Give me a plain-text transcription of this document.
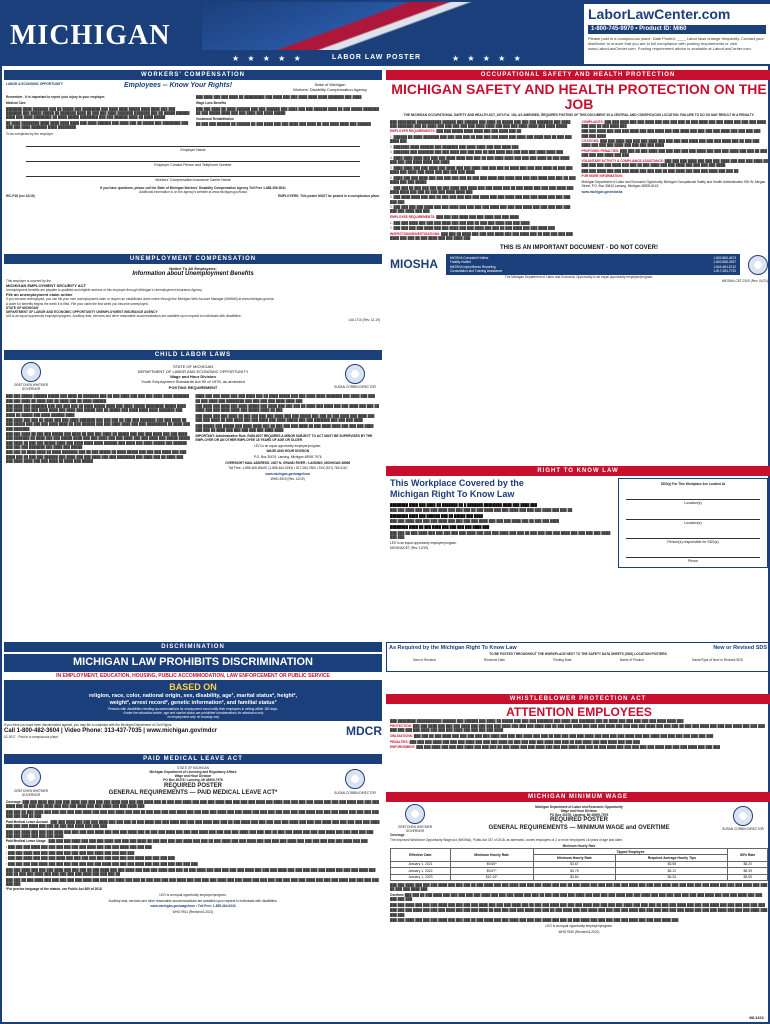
MICHIGAN
★ ★ ★ ★ ★	LABOR LAW POSTER	★ ★ ★ ★ ★
LaborLawCenter.com
1-800-745-9970 • Product ID: MI60
Please post in a conspicuous place. Date Posted: ____ Labor laws change frequently. Contact your distributor to ensure that you are in full compliance with posting requirements or visit www.LaborLawCenter.com. Posting requirement advice is available at LaborLawCenter.com.
WORKERS' COMPENSATION
LABOR & ECONOMIC OPPORTUNITY	Employees -- Know Your Rights!	State of Michigan
Workers' Disability Compensation Agency

Remember - It is important to report your injury to your employer.

Medical Care

███████ ████ ███████ ███ ██ █████ ███ ████████ ███ ████ ████ █████ ████ ████ ███ ███ ███████ ███ █████ █████ ██ ███████ ████ ██ ███ ███ ████ ███████ ███████ ███ ██ █████ ██████ ████ ███ ████ ████████ ██ ████ █████ ████████ ███ ███ ██████ ████ ██ ████ █████

██ ████ ████████ ████ ████ ████ ████ ███ ████ ██████ ███ ████ ███ ██ █████ ███ ████████ ███ ███ ███ ████ ███████ ████ ████████

███ ████ ███ ███ ████ ██ █████████ ███ ████ ███ ███ ████ ████ ████ ███████ ███ ████

Wage Loss Benefits

███ ███ ████ ██ ████ ██████ ███ ███ ██████ ███ ████ ███ ███ ██████ ████ ██ ███ █████ ███████ ██ ███ █████ ████ ███ ███ ████ ███ ████ █████

Vocational Rehabilitation

██ ███ ███ ██████ ██ ██████ ██ ███ ████ ███ ███ ████ ███ ████ ██ ███ ████ ████ ███ ██████

To be completed by the employer
Employer Name
Employer Contact Person and Telephone Number
Workers' Compensation Insurance Carrier Name
If you have questions, please call the State of Michigan Workers' Disability Compensation Agency Toll Free 1-888-396-5041
Additional information is on the agency's website at www.michigan.gov/wdca
WC-P18 (rev 12/19)	EMPLOYERS: This poster MUST be posted in a conspicuous place.
UNEMPLOYMENT COMPENSATION
Notice To All Employees:
Information about Unemployment Benefits
This employer is covered by the
MICHIGAN EMPLOYMENT SECURITY ACT
Unemployment benefits are payable to qualified and eligible workers of this employer through Michigan's Unemployment Insurance Agency.
File an unemployment claim online
If you become unemployed, you can file your own unemployment claim or reopen an established claim online through the Michigan Web Account Manager (MiWAM) at www.michigan.gov/uia.
A claim for benefits begins the week it is filed. File your claim the first week you become unemployed.
STATE OF MICHIGAN
DEPARTMENT OF LABOR AND ECONOMIC OPPORTUNITY UNEMPLOYMENT INSURANCE AGENCY
UIA is an equal opportunity employer/program. Auxiliary aids, services and other reasonable accommodations are available upon request to individuals with disabilities.
UIA 1710 (Rev. 12-19)
CHILD LABOR LAWS
GRETCHEN WHITMER GOVERNOR
STATE OF MICHIGAN
DEPARTMENT OF LABOR AND ECONOMIC OPPORTUNITY
Wage and Hour Division
Youth Employment Standards Act 90 of 1978, as amended
POSTING REQUIREMENT	SUSAN CORBIN DIRECTOR

███ ███ █████ ██████ █████ ███ ████ ██ ███████ ███ ██ ███ ████ ███ ███ ███ ████ ████ ███████ ███ ███ ████ ██ ████ ███ ██ ████ ███ ██ ████ ██████

███ ████ ███ ███████ ███ ███ ███ ███ ██ ████ █████ ████ ███ ████ █████ ████████ █████ ████ ███ ████ ███ ███ ████ ████ ███ ████ ███ █████ ███ ██ █████ ███ ████ ████ ████ ███████ ███ ████ ██ █████ ███ ████ ██████ ████

███ ████ ███ ███ ██ ████ ███ ███ ████ ███████ ███ ███ ███ ██ ███ ███ ███████ ███ ███ ████ ██ ███ █████ ███ ███ ███ ████ ████ ██ ███ ██████ ███ ███ ████ ████ ███ ███ █████████ ██ ████ ███ ███ ███████

███ ███ ████ ██ ███ ███ █████ ███ ████ ██ ███ ███ ████ ██ █████ ███ ███ ███ ████ ███ ███ ████ ███ ███████ ██ ████ ███ ███ █████ ████ ███ ███ ████ ███ ███ ████ ███ ███ ████ ███ █████ █████ ███ ████ ██ ███ ███ █████ ████ ███ ████ ████ ████ ██████ ███ ████ ███ ████ █████ ███ ██████ ███ ███ ███ ███████ ███ ████ ███ █████

███ ███ ██ ████ ████ ██ ████ ███████ ███ ██ ███ █████ ██ ████ █████ ███ ███ ███ ████ ███ ███ ████ ███ ██ ███ ███ ██████ ███ ████ ███ ███ ████ ███ ███ ████████ ███ ████ ███ ██ ████ ███ ███ ████ ████ ███ ███ ████ ██ ████ ███ █████

████ ███ ███ ████ ███ ███ ████ ███ ██ ████ █████ ███ ███ ████ ████ ███████ ███ ████ ███ ███ ██ ███ ████ ███ ████████ ███ ███ ███ ███ ████ ████ ███

███ ████ ███ ████ ███ ████ █████ ███ ████ ███ ███ ███ ██ ████ ███ ████ ███ ███ ████ ███ ███ ██ ████ ███ ███ ████ ████ ███ █████ ████ ██ ███

███ ████ ███ ███ ████ ██ ███ ███ ███ ███ ████ ███ ███ █████ ███ ███ ██ ███ ████ ███ ████ ███ ███ ███ ████ ██ ███ ████ ███ ███ ████ ███ ████ █████ ███ ███ ███████ ███ ███ ███ ████

███ █████ ███ █████ ███ ████ ████ ███ ██ ███ ███ ███ ████ ██ ███ ████ ████ ███ ███ ███ ████ ███ ███ ██ ████ ███ ███ ███ ███ ███ ████ ████

IMPORTANT: Administrative Rule, R408.6207 REQUIRES A MINOR SUBJECT TO ACT MUST BE SUPERVISED BY THE EMPLOYER OR AN OTHER EMPLOYEE 18 YEARS OF AGE OR OLDER

LEO is an equal opportunity employer/program.

WAGE AND HOUR DIVISION

P.O. Box 30476, Lansing, Michigan 48909-7976

OVERSIGHT MAIL ADDRESS: 2407 N. GRAND RIVER • LANSING, MICHIGAN 48906

Toll Free: 1-855-4MI-WAGE (1-855-464-9243) • 517-284-7800 • FAX (517) 763-0110

www.michigan.gov/wagehour

WHD-4919 (Rev. 12/19)

OCCUPATIONAL SAFETY AND HEALTH PROTECTION
MICHIGAN SAFETY AND HEALTH PROTECTION ON THE JOB
THE MICHIGAN OCCUPATIONAL SAFETY AND HEALTH ACT, 1974 P.A. 154, AS AMENDED, REQUIRES POSTING OF THIS DOCUMENT IN A CENTRAL AND CONSPICUOUS LOCATION. FAILURE TO DO SO MAY RESULT IN A PENALTY.

███ ████████ ███████████ ██████ ███ ██████ ███ ████ ██ █████ ███ ███ ███ ███████ ███ ████ ███ ███████ ███ ██ ████ ███ ███ ███ ███ ███ ████ ████ ███ ███ ███ ████ ████ ███ ████ █████

EMPLOYER REQUIREMENTS: ███ ███ █████ ████ ████ ███ ███ ████ ███ ██

1. ██████ ██ ████ ███████ ███ ███ ███ ███ ██ ███ ███ ███ ████ ███ ████ ███ ████ ███ ██ ███ ███ ████ ███

2. ███████ ████ ██████ ███ ███████ ███ ████ ████ ███ ███ ████ ███

3. ███████ ███ ███████ ███ ███ ████ ███ ███ ███ ██ ███ ████ ███ ███ ███ ███ ████ ████ ███

4. ████ ████ ████ ███ ███ ███ ████ ████ ███ ███ ██ ███ ████ ████ ███ ███ ███ ████ ██ ███ ████ ███ ███ ███ ████ ████ ███ ████

5. ████ ████ ███ ███ ████ ███ ████ ███ ███ ████ ███ ███ ███ ██ ████ ███ ███ ███ ████ ██ ███ ███ ████ ███ ████ ███ ████ ███ ███ ███ ███ ████

6. ████ ███ ███ ████ ███ ███ ███ ███ ███ ██ ███ ███ ████ ███ ████ ███ ███ ███ ████ ███ ███ ██ ███ ████ ███ ███ █████

7. ███ ███ ██ ███ ███ ███ ██ ███ ████ ███ ████ ███ ███ ████ ███ ██ ███ ████ ███ ███ ███ ████ ███ ████ ████ ███ ███ ██ ███ ███ ████ ████ ███

8. ███ ████ ████ ███ ███ ██ ███ ███ ███ ███ ███ ████ ███ ███ ████ ███ ███ ███ ████ ███ ███ ███ ███ ███

9. ███ ███ ███ ███ ████ ███ ███ ████ ███ ███ ███ ███ ████ ███ ███ ███ ████ ███ ███ ███ ███ ███ ███ ███ ████ ███ ███

EMPLOYEE REQUIREMENTS: ███ ███ ███ ████ ███ ███ ████ ███ ███ ████

1. ███ ███ ████ ███ ███ ███ ████ ███ ███ ███ ██ ███ ███ ████ ███ ███ ████

2. ███ ███ ███ ███ ████ ███ ███ ████ ███ ███ ████ ███ ███ ██ ███ ████ ███ ███ ████ ███

INSPECTIONS/INVESTIGATIONS: ███ ███ ██ ████ ███ ███ ███ ████ ███ ███ ████ ███ ██ ███ ███ ███ ███ ████ ███ ███ ██ ███ ████ ███ ███ ████ ███

COMPLAINTS: ███ ███ ████ ███ ███ ████ ███ ███ ███ ███ ██ ███ ████ ███ ███ ████ ███ ███ ███ ████ ███ ███ ██ ███ ████ ███

███ ███ ████ ███ ███ ███ ████ ███ ███ ████ ███ ███ ████ ███ ███ ███ ███ ████ ███ ███ ███ ███ ███ ███ ████

CITATIONS: ███ ███ ████ ███ ███ ███ ████ ███ ███ ███ ███ ████ ███ ███ ███ ████ ███ ██ ███ ███ ████ ███ ███ ███ ████ ███ ███ ███ ███ ████

PROPOSED PENALTIES: ███ ███ ██ ███ ████ ███ ███ ███ ███ ███ ████ ███ ███ ███ ████ ███ ███ ██ ███ ███ ███ ███ ████ ███ ███

VOLUNTARY ACTIVITY & COMPLIANCE ASSISTANCE: ███ ███ ███ ████ ███ ███ ███ ████ ███ ███ ███ ████ ██ ███ ███ ███ ███ ████ ███ ███ ██ ███ ████ ███ ███ ████ ███ ███ ███ ███ ████

███ ███ ████ ███ ███ ███ ████ ███ ███ ███ ██ ███ ████ ███ ███ ███ ████ ███ ███ ██

FOR MORE INFORMATION:

Michigan Department of Labor and Economic Opportunity Michigan Occupational Safety and Health Administration 530 W. Allegan Street, P.O. Box 30643 Lansing, Michigan 48909-8143

www.michigan.gov/miosha

THIS IS AN IMPORTANT DOCUMENT - DO NOT COVER!
MIOSHA	MIOSHA Complaint Hotline	1-800-866-4674
Fatality Hotline	1-800-858-0397
MIOSHA Injury/Illness Reporting	1-844-464-6742
Consultation and Training Assistance	1-517-284-7720
The Michigan Department of Labor and Economic Opportunity is an equal opportunity employer/program.
MIOSHA-CET-2100 (Rev. 01/21)
RIGHT TO KNOW LAW
This Workplace Covered by the
Michigan Right To Know Law

████████ ████ ███ ████ ██ ███████ ██ █ ███████ ████████ ████ ███ ████ ███

███ ███ ████ ███ ███ ███ ████ ███ ███ ███ ██ ███ ████ ███ ███ ████ ███ ███ ███ ████ ███ ███ ██

████████ ████ ███ ██████ ███ ██ █████ ███ ████

███ ███ ████ ███ ███ ███ ████ ███ ███ ███ ███ ████ ███ ███ ███ ████ ███ ██ ███ ███ ████

████████ ████ ██ ███ ████ ███ ███ ███ ███ ████ ███

███ ███ ██ ███ ████ ███ ███ ███ ███ ███ ████ ███ ███ ███ ████ ███ ███ ██ ███ ███ ███ ███ ████ ███ ███ ███ ███ ████ ███ ███

LEO is an equal opportunity employer/program.

MIOSHA/CET (Rev. 12/19)

SDS(s) For This Workplace Are Located At
Location(s)
Location(s)
Person(s) responsible for SDS(s)
Phone
As Required by the Michigan Right To Know Law	New or Revised SDS
TO BE POSTED THROUGHOUT THE WORKPLACE NEXT TO THE SAFETY DATA SHEETS (SDS) LOCATION POSTERS
New or Revised	Received Date	Posting Date	Name of Product	Name/Type of New or Revised SDS
DISCRIMINATION
MICHIGAN LAW PROHIBITS DISCRIMINATION
IN EMPLOYMENT, EDUCATION, HOUSING, PUBLIC ACCOMMODATION, LAW ENFORCEMENT OR PUBLIC SERVICE
BASED ON
religion, race, color, national origin, sex, disability, age¹, marital status², height²,
weight², arrest record², genetic information², and familial status³
Persons with disabilities needing accommodations for employment must notify their employers in writing within 182 days.
¹Under the education article, age and marital status are prohibited considerations for admission only
²In employment only ³In housing only
If you think you have been discriminated against, you may file a complaint with the Michigan Department of Civil Rights.
Call 1-800-482-3604 | Video Phone: 313-437-7035 | www.michigan.gov/mdcr
02-2017 Post in a conspicuous place.	MDCR
PAID MEDICAL LEAVE ACT
GRETCHEN WHITMER GOVERNOR
STATE OF MICHIGAN
Michigan Department of Licensing and Regulatory Affairs
Wage and Hour Division
PO Box 30476 • Lansing, MI 48909-7976
REQUIRED POSTER
GENERAL REQUIREMENTS — PAID MEDICAL LEAVE ACT*	SUSAN CORBIN DIRECTOR

Coverage: ███ ███ ████ ███ ███ ███ ████ ███ ███ ███ ███ ████ ███ ███ ███ ████ ███ ██ ███ ███ ████ ███ ███ ███ ████ ███ ███ ███ ███ ████ ███ ████ ███ ███ ███ ███ ████ ███ ███ ███ ████ ███ ███ ███ ████ ███ ██ ███ ███ ████ ███ ███ ███ ████ ███ ███ ████ ███ ███ ████ ███

███ ███ ██ ███ ████ ███ ███ ███ ███ ███ ████ ███ ███ ███ ████ ███ ███ ██ ███ ███ ███ ███ ████ ███ ███ ███ ███ ████ ███ ███ ████ ███ ███ ███ ███ ███ ███ ███ ████ ███ ███ ███ ████ ███ ███ ███ ███ ███ ███ ███ ██ ███

Paid Medical Leave Accrual - ███ ███ ████ ███ ███ ███ ████ ███ ███ ███ ██ ███ ████ ███ ███ ████ ███ ███ ███ ████ ███ ███ ██ ███ ████ ███ ███ ███ ███ ███ ████ ███ ███ ███ ████ ███ ███ ███ ███ ███ ████ ███ ███ ███ ████ ███ ███ ██ ███ ███ ████ ███ ███ ███

███ ███ ████ ███ ███ ███ ████ ███ ███ ███ ███ ████ ███ ███ ███ ████ ███ ██ ███ ███ ████ ███ ███ ███ ████ ███ ███ ███ ███ ████ ███ ███ ███ ██ ███ ███ ████ ███ ███ ███ ████ ███ ███ ███ ███ ███ ███ ███ ████ ███ ███ ███ ████

Paid Medical Leave Usage - ███ ███ ███ ████ ███ ███ ███ ████ ███ ███ ███ ████ ██ ███ ███ ███ ███ ████ ███ ███ ██ ███ ████ ███ ███ ████ ███ ███ ███ ███ ████ ███ ███ ███ ███ ███ ███ ████ ███ ███

• ███ ███ ███ ████ ███ ███ ███ ███ ███ ███ ████ ███ ███ ███ ████ ███ ███ ███

• ███ ███ ████ ███ ███ ███ ███ ███ ███ ███ ███ ████ ███ ███ ███ ███

• ███ ███ ████ ███ ███ ███ ████ ███ ███ ███ ███ ███ ███ ███ ███ ███ ████ ███ ███ ███ ███

• ███ ███ ███ ███ ████ ███ ███ ███ ███ ███ ███ ███ ████ ███ ███ ███ ████ ███ ███ ███ ███ ███ ███ ███

███ ███ ████ ███ ███ ███ ████ ███ ███ ███ ██ ███ ████ ███ ███ ████ ███ ███ ███ ████ ███ ███ ██ ███ ████ ███ ███ ███ ███ ███ ████ ███ ███ ███ ████ ███ ███ ███ ███ ███ ████ ███ ███ ███ ████ ███ ███ ██ ███ ███ ████ ███ ███ ███ ███ ███ ████ ███ ███ ███ ██

███ ███ ██ ███ ████ ███ ███ ███ ███ ███ ████ ███ ███ ███ ████ ███ ███ ██ ███ ███ ███ ███ ████ ███ ███ ███ ███ ████ ███ ███ ████ ███ ███ ███ ███ ███ ███ ███ ████ ███ ███ ███ ████ ███ ███ ███ ███ ███ ███

*For precise language of the statute, see Public Act 369 of 2018

LEO is an equal opportunity employer/program.

Auxiliary aids, services and other reasonable accommodations are available upon request to individuals with disabilities.

www.michigan.gov/wagehour • Toll Free: 1-855-464-9243

WHD 9911 (Revised 6-2021)

WHISTLEBLOWER PROTECTION ACT
ATTENTION EMPLOYEES

███ ████████ ███████████ ██████ ███ ██████ ███ ████ ██ █████ ███ ███ ███ ███████ ███ ████ ███ ███████ ███ ██ ████ ███ ███ ███ ███ ███ ████ ████ ███

PROTECTION: ███ ███ ████ ███ ███ ███ ████ ███ ███ ███ ███ ████ ███ ███ ███ ████ ███ ██ ███ ███ ████ ███ ███ ███ ████ ███ ███ ███ ███ ████ ███ ███ ███ ██ ███ ███ ████ ███ ███ ███ ████ ███ ███ ███ ███ ███ ███ ███ ████ ███ ███ ███ ████ ███ ███ ███ ███ ████

OBLIGATIONS: ███ ███ ██ ███ ████ ███ ███ ███ ███ ███ ████ ███ ███ ███ ████ ███ ███ ██ ███ ███ ███ ███ ████ ███ ███ ███ ███ ████ ███ ███ ████ ███ ███ ███ ███ ███ ███ ███

PENALTIES: ███ ███ ███ ████ ███ ███ ███ ████ ███ ███ ███ ████ ██ ███ ███ ███ ███ ████ ███ ███ ██ ███ ████ ███ ███ ████ ███ ███ ███

ENFORCEMENT: ███ ███ ████ ███ ███ ███ ████ ███ ███ ███ ██ ███ ████ ███ ███ ████ ███ ███ ███ ████ ███ ███ ██ ███ ████ ███ ███ ███ ███ ███ ████ ███ ███ ███ ████ ███ ███ ███

MICHIGAN MINIMUM WAGE
GRETCHEN WHITMER GOVERNOR
Michigan Department of Labor and Economic Opportunity
Wage and Hour Division
PO Box 30476, Lansing, MI 48909-7976
REQUIRED POSTER
GENERAL REQUIREMENTS — MINIMUM WAGE and OVERTIME	SUSAN CORBIN DIRECTOR
Coverage
The Improved Workforce Opportunity Wage Act (IWOWA), Public Act 337 of 2018, as amended, covers employers of 2 or more employees 16 years of age and older.
Minimum Hourly Rate
Effective Date	Minimum Hourly Rate	Tipped Employee		85% Rate
		Minimum Hourly Rate	Required Average Hourly Tips	
January 1, 2021	$9.65*	$3.67	$5.98	$8.20
January 1, 2022	$9.87*	$3.75	$6.12	$8.39
January 1, 2023	$10.10*	$3.84	$6.26	$8.59

███ ███ ████ ███ ███ ███ ████ ███ ███ ███ ██ ███ ████ ███ ███ ████ ███ ███ ███ ████ ███ ███ ██ ███ ████ ███ ███ ███ ███ ███ ████ ███ ███ ███ ████ ███ ███ ███ ███ ███ ████ ███ ███ ███ ████ ███ ███ ██ ███ ███ ████ ███

Overtime ███ ███ ██ ███ ████ ███ ███ ███ ███ ███ ████ ███ ███ ███ ████ ███ ███ ██ ███ ███ ███ ███ ████ ███ ███ ███ ███ ████ ███ ███ ████ ███ ███ ███ ███ ███ ███ ███ ████ ███ ███ ███ ████ ███ ███ ███ ███ ███

███ ███ ████ ███ ███ ███ ████ ███ ███ ███ ███ ████ ███ ███ ███ ████ ███ ██ ███ ███ ████ ███ ███ ███ ████ ███ ███ ███ ███ ████ ███ ███ ███ ██ ███ ███ ████ ███ ███ ███ ████ ███ ███ ███ ███ ███ ███

███ ███ ███ ████ ███ ███ ███ ████ ███ ███ ███ ████ ██ ███ ███ ███ ███ ████ ███ ███ ██ ███ ████ ███ ███ ████ ███ ███ ███ ███ ████ ███ ███ ███ ███ ███ ███ ████ ███ ███ ███ ████ ███ ███ ███ ████ ███ ███ ███

███ ███ ████ ███ ███ ███ ████ ███ ███ ███ ██ ███ ████ ███ ███ ████ ███ ███ ███ ████ ███ ███ ██ ███ ████ ███ ███ ███ ███ ███ ████ ███ ███ ███ ████ ███

LEO is an equal opportunity employer/program.

WHD 9910 (Revised 6-2021)

MI-1221
